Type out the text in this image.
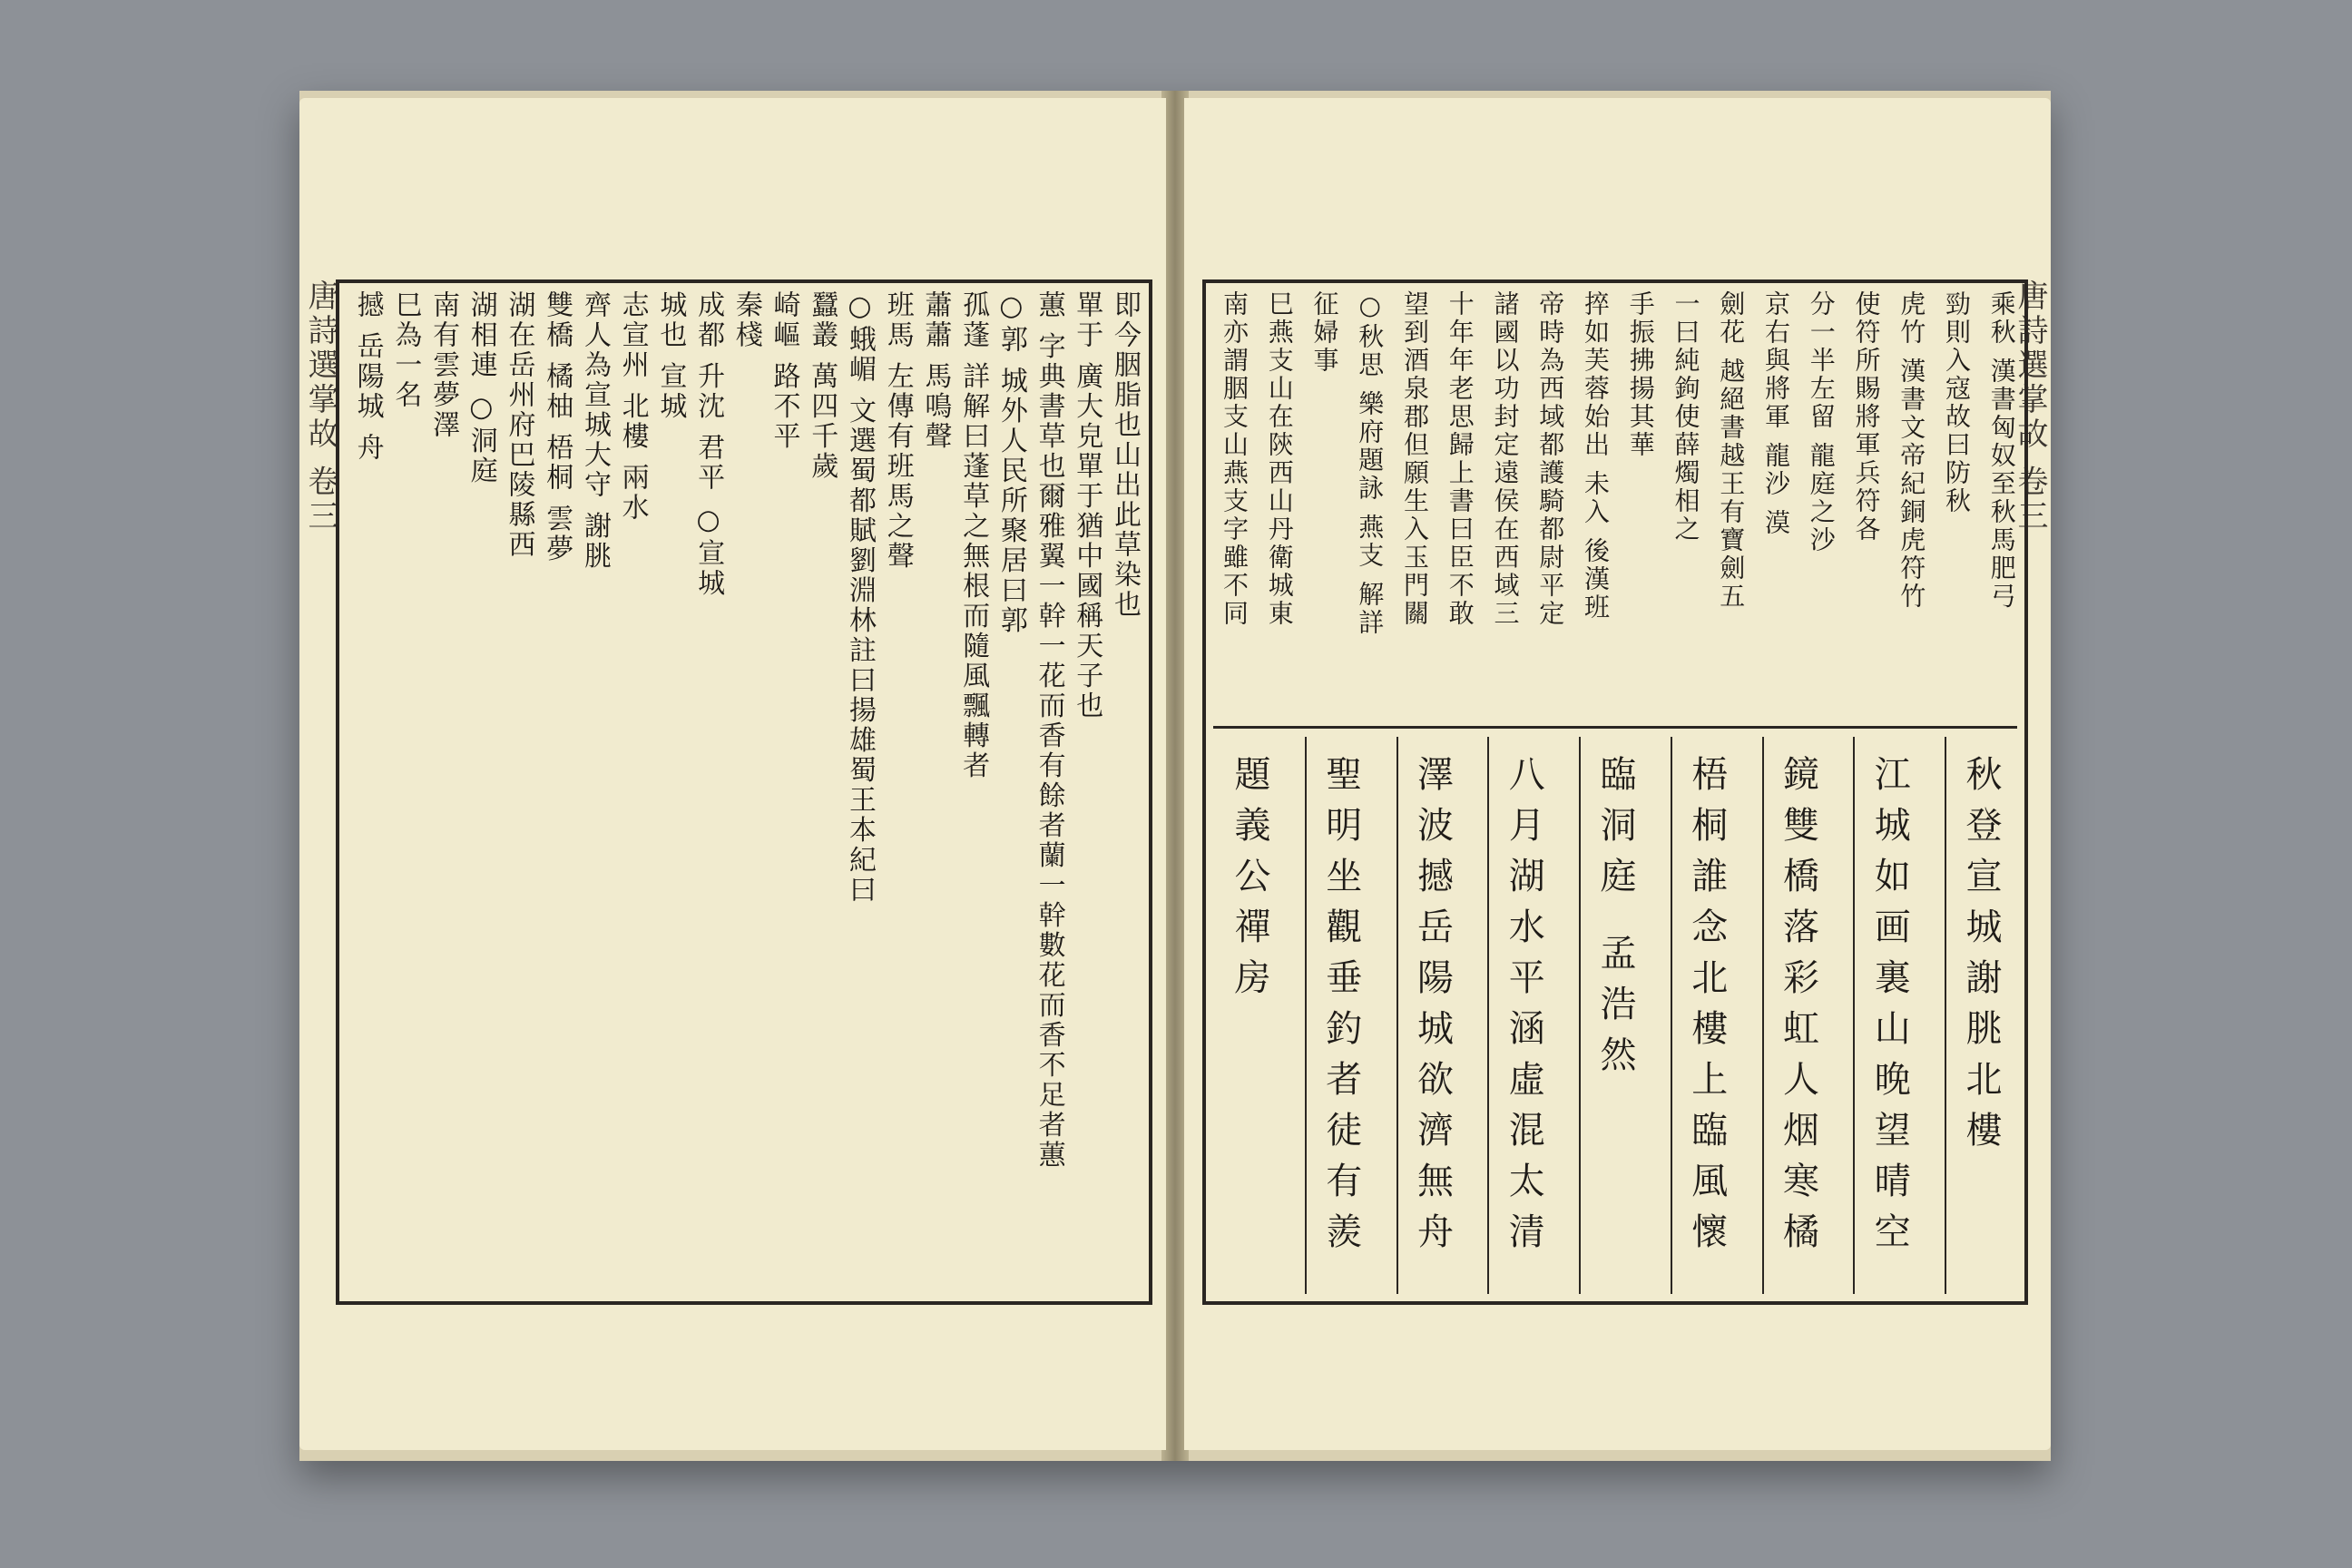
唐詩選掌故 卷三	即今胭脂也山出此草染也
單于 廣大皃單于猶中國稱天子也
蕙 字典書草也爾雅翼一幹一花而香有餘者蘭一幹數花而香不足者蕙
○郭 城外人民所聚居曰郭
孤蓬 詳解曰蓬草之無根而隨風飄轉者
蕭蕭 馬鳴聲
班馬 左傳有班馬之聲
○蛾嵋 文選蜀都賦劉淵林註曰揚雄蜀王本紀曰
蠶叢 萬四千歲
崎嶇 路不平
秦棧
成都 升沈 君平 ○宣城
城也 宣城
志宣州 北樓 兩水
齊人為宣城大守 謝朓
雙橋 橘柚 梧桐 雲夢
湖在岳州府巴陵縣西
湖相連 ○洞庭
南有雲夢澤
巳為一名
撼 岳陽城 舟	唐詩選掌故 卷三
乘秋 漢書匈奴至秋馬肥弓
勁則入寇故曰防秋
虎竹 漢書文帝紀銅虎符竹
使符所賜將軍兵符各
分一半左留 龍庭之沙
京右與將軍 龍沙 漠
劍花 越絕書越王有寶劍五
一曰純鉤使薛燭相之
手振拂揚其華
捽如芙蓉始出 未入 後漢班
帝時為西域都護騎都尉平定
諸國以功封定遠侯在西域三
十年年老思歸上書曰臣不敢
望到酒泉郡但願生入玉門關
○秋思 樂府題詠 燕支 解詳
征婦事
巳燕支山在陝西山丹衛城東
南亦謂胭支山燕支字雖不同
秋登宣城謝朓北樓
江城如画裏山晚望晴空
鏡雙橋落彩虹人烟寒橘
梧桐誰念北樓上臨風懷
臨洞庭 孟浩然
八月湖水平涵虛混太清
澤波撼岳陽城欲濟無舟
聖明坐觀垂釣者徒有羨
題義公禪房
